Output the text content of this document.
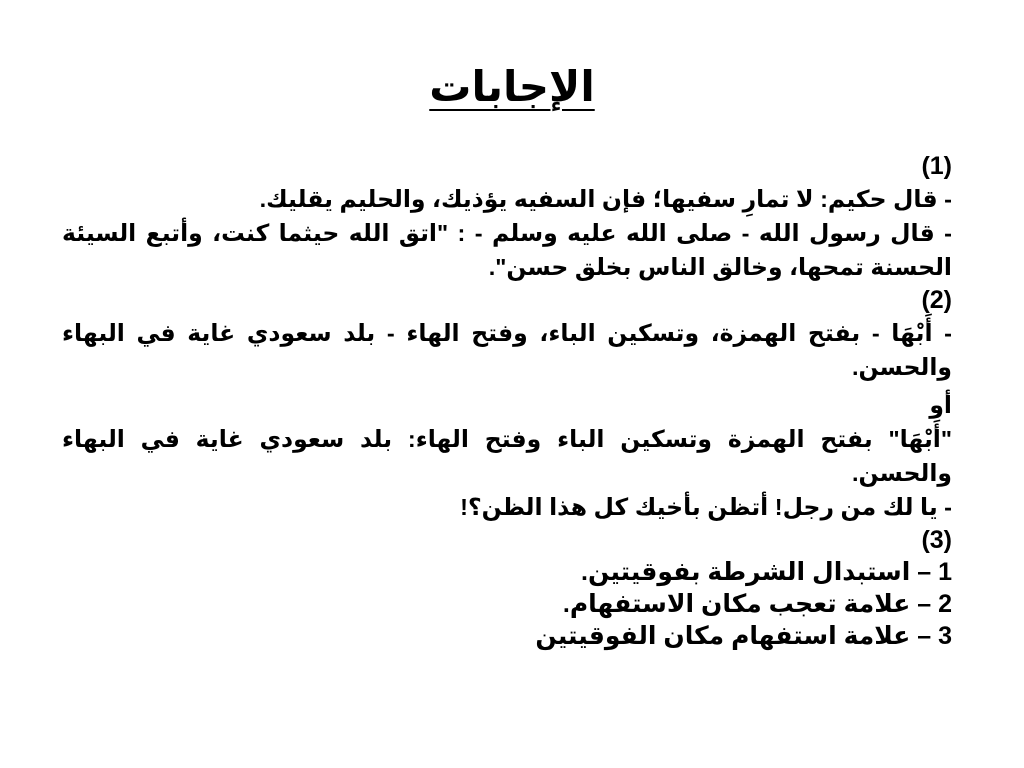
الإجابات

(1)

- قال حكيم: لا تمارِ سفيها؛ فإن السفيه يؤذيك، والحليم يقليك.

- قال رسول الله - صلى الله عليه وسلم - : "اتق الله حيثما كنت، وأتبع السيئة الحسنة تمحها، وخالق الناس بخلق حسن".

(2)

- أَبْهَا - بفتح الهمزة، وتسكين الباء، وفتح الهاء - بلد سعودي غاية في البهاء والحسن.

أو

"أَبْهَا" بفتح الهمزة وتسكين الباء وفتح الهاء: بلد سعودي غاية في البهاء والحسن.

- يا لك من رجل! أتظن بأخيك كل هذا الظن؟!

(3)

1 – استبدال الشرطة بفوقيتين.

2 – علامة تعجب مكان الاستفهام.

3 – علامة استفهام مكان الفوقيتين
